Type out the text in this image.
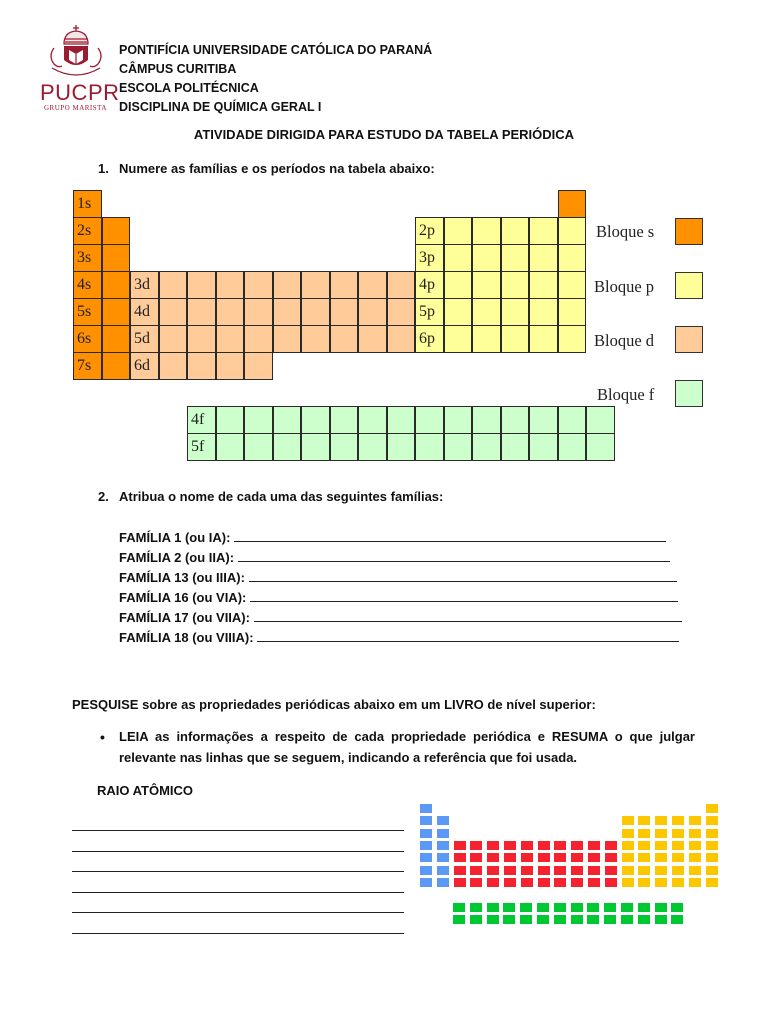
PUCPR
GRUPO MARISTA
PONTIFÍCIA UNIVERSIDADE CATÓLICA DO PARANÁ
CÂMPUS CURITIBA
ESCOLA POLITÉCNICA
DISCIPLINA DE QUÍMICA GERAL I
ATIVIDADE DIRIGIDA PARA ESTUDO DA TABELA PERIÓDICA
1. Numere as famílias e os períodos na tabela abaixo:
1s
2s
3s
4s
5s
6s
7s
2p
3p
4p
5p
6p
3d
4d
5d
6d
4f
5f
Bloque s
Bloque p
Bloque d
Bloque f
2. Atribua o nome de cada uma das seguintes famílias:
FAMÍLIA 1 (ou IA):
FAMÍLIA 2 (ou IIA):
FAMÍLIA 13 (ou IIIA):
FAMÍLIA 16 (ou VIA):
FAMÍLIA 17 (ou VIIA):
FAMÍLIA 18 (ou VIIIA):
PESQUISE sobre as propriedades periódicas abaixo em um LIVRO de nível superior:
• LEIA as informações a respeito de cada propriedade periódica e RESUMA o que julgar
relevante nas linhas que se seguem, indicando a referência que foi usada.
RAIO ATÔMICO
